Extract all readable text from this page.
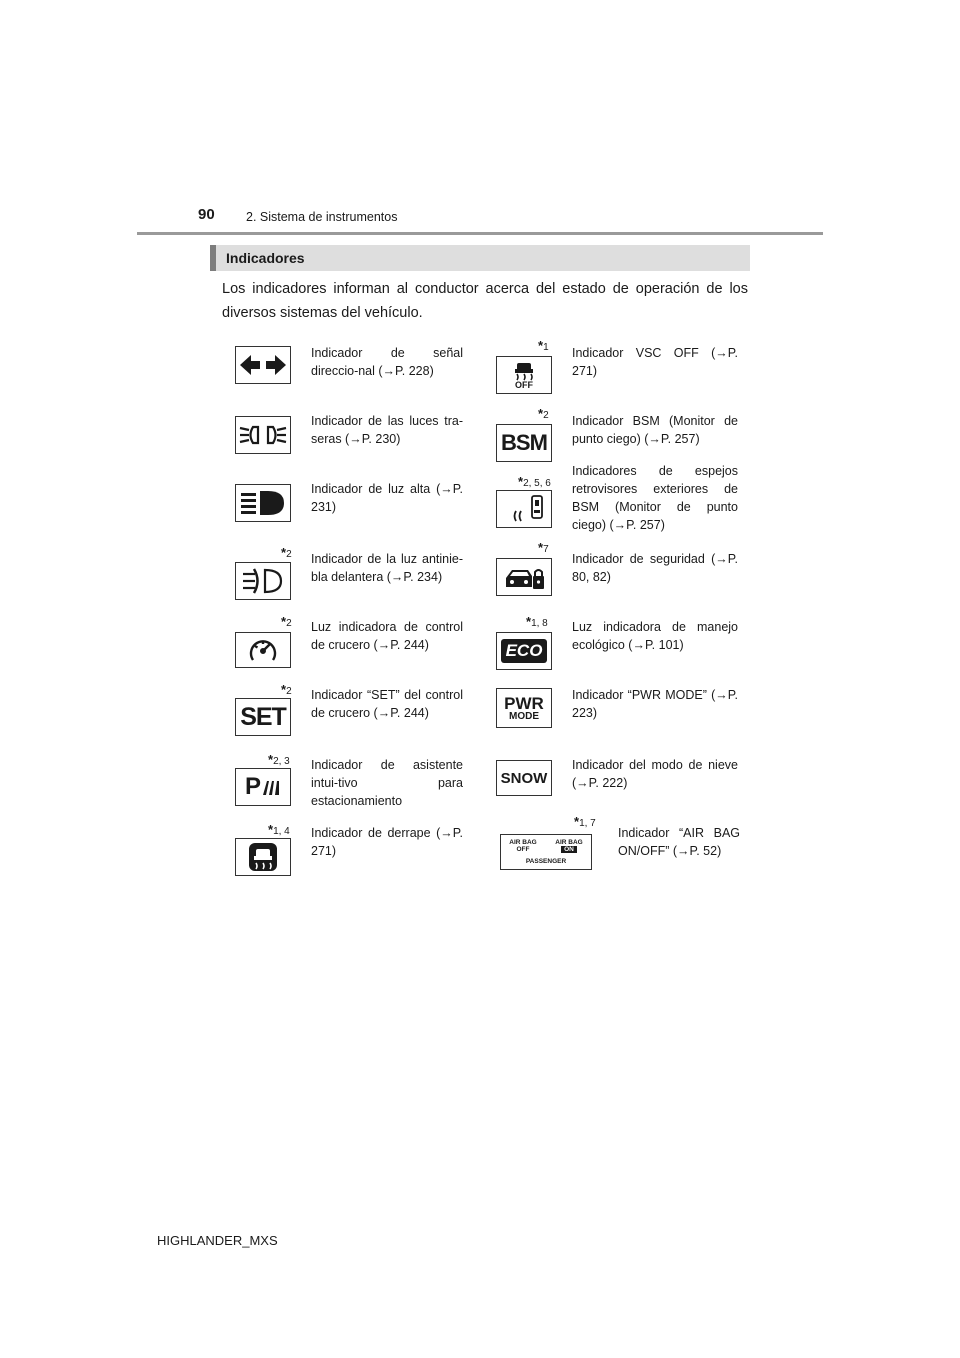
90	2. Sistema de instrumentos
Indicadores
Los indicadores informan al conductor acerca del estado de operación de los diversos sistemas del vehículo.
Indicador de señal direccio-nal (→P. 228)
Indicador de las luces tra-seras (→P. 230)
Indicador de luz alta (→P. 231)
*2 Indicador de la luz antinie-bla delantera (→P. 234)
*2 Luz indicadora de control de crucero (→P. 244)
*2
SET
Indicador “SET” del control de crucero (→P. 244)
*2, 3
P
Indicador de asistente intui-tivo para estacionamiento
*1, 4 Indicador de derrape (→P. 271)
*1
OFF
Indicador VSC OFF (→P. 271)
*2
BSM
Indicador BSM (Monitor de punto ciego) (→P. 257)
*2, 5, 6
Indicadores de espejos retrovisores exteriores de BSM (Monitor de punto ciego) (→P. 257)
*7
Indicador de seguridad (→P. 80, 82)
*1, 8
ECO
Luz indicadora de manejo ecológico (→P. 101)
PWR
MODE
Indicador “PWR MODE” (→P. 223)
SNOW
Indicador del modo de nieve (→P. 222)
*1, 7
AIR BAG
OFF
AIR BAG
ON
PASSENGER
Indicador “AIR BAG ON/OFF” (→P. 52)
HIGHLANDER_MXS
